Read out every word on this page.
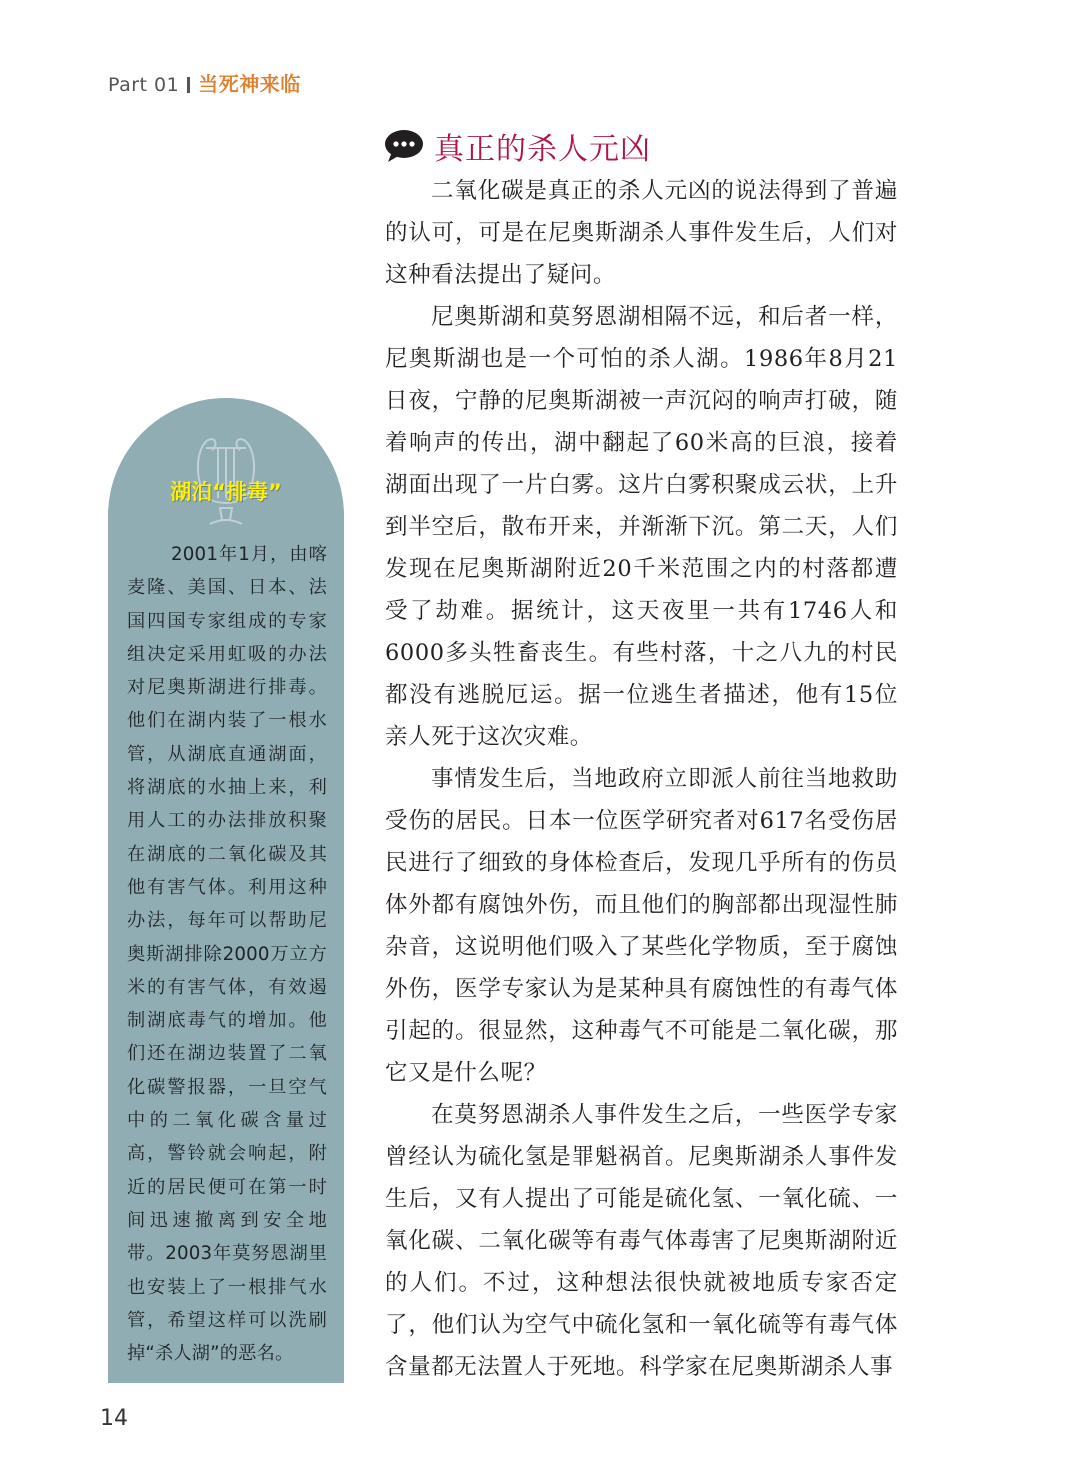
Part 01 当死神来临
真正的杀人元凶

二氧化碳是真正的杀人元凶的说法得到了普遍的认可，可是在尼奥斯湖杀人事件发生后，人们对这种看法提出了疑问。

尼奥斯湖和莫努恩湖相隔不远，和后者一样，尼奥斯湖也是一个可怕的杀人湖。1986年8月21日夜，宁静的尼奥斯湖被一声沉闷的响声打破，随着响声的传出，湖中翻起了60米高的巨浪，接着湖面出现了一片白雾。这片白雾积聚成云状，上升到半空后，散布开来，并渐渐下沉。第二天，人们发现在尼奥斯湖附近20千米范围之内的村落都遭受了劫难。据统计，这天夜里一共有1746人和6000多头牲畜丧生。有些村落，十之八九的村民都没有逃脱厄运。据一位逃生者描述，他有15位亲人死于这次灾难。

事情发生后，当地政府立即派人前往当地救助受伤的居民。日本一位医学研究者对617名受伤居民进行了细致的身体检查后，发现几乎所有的伤员体外都有腐蚀外伤，而且他们的胸部都出现湿性肺杂音，这说明他们吸入了某些化学物质，至于腐蚀外伤，医学专家认为是某种具有腐蚀性的有毒气体引起的。很显然，这种毒气不可能是二氧化碳，那它又是什么呢？

在莫努恩湖杀人事件发生之后，一些医学专家曾经认为硫化氢是罪魁祸首。尼奥斯湖杀人事件发生后，又有人提出了可能是硫化氢、一氧化硫、一氧化碳、二氧化碳等有毒气体毒害了尼奥斯湖附近的人们。不过，这种想法很快就被地质专家否定了，他们认为空气中硫化氢和一氧化硫等有毒气体含量都无法置人于死地。科学家在尼奥斯湖杀人事

湖泊“排毒”

2001年1月，由喀麦隆、美国、日本、法国四国专家组成的专家组决定采用虹吸的办法对尼奥斯湖进行排毒。他们在湖内装了一根水管，从湖底直通湖面，将湖底的水抽上来，利用人工的办法排放积聚在湖底的二氧化碳及其他有害气体。利用这种办法，每年可以帮助尼奥斯湖排除2000万立方米的有害气体，有效遏制湖底毒气的增加。他们还在湖边装置了二氧化碳警报器，一旦空气中的二氧化碳含量过高，警铃就会响起，附近的居民便可在第一时间迅速撤离到安全地带。2003年莫努恩湖里也安装上了一根排气水管，希望这样可以洗刷掉“杀人湖”的恶名。

14
